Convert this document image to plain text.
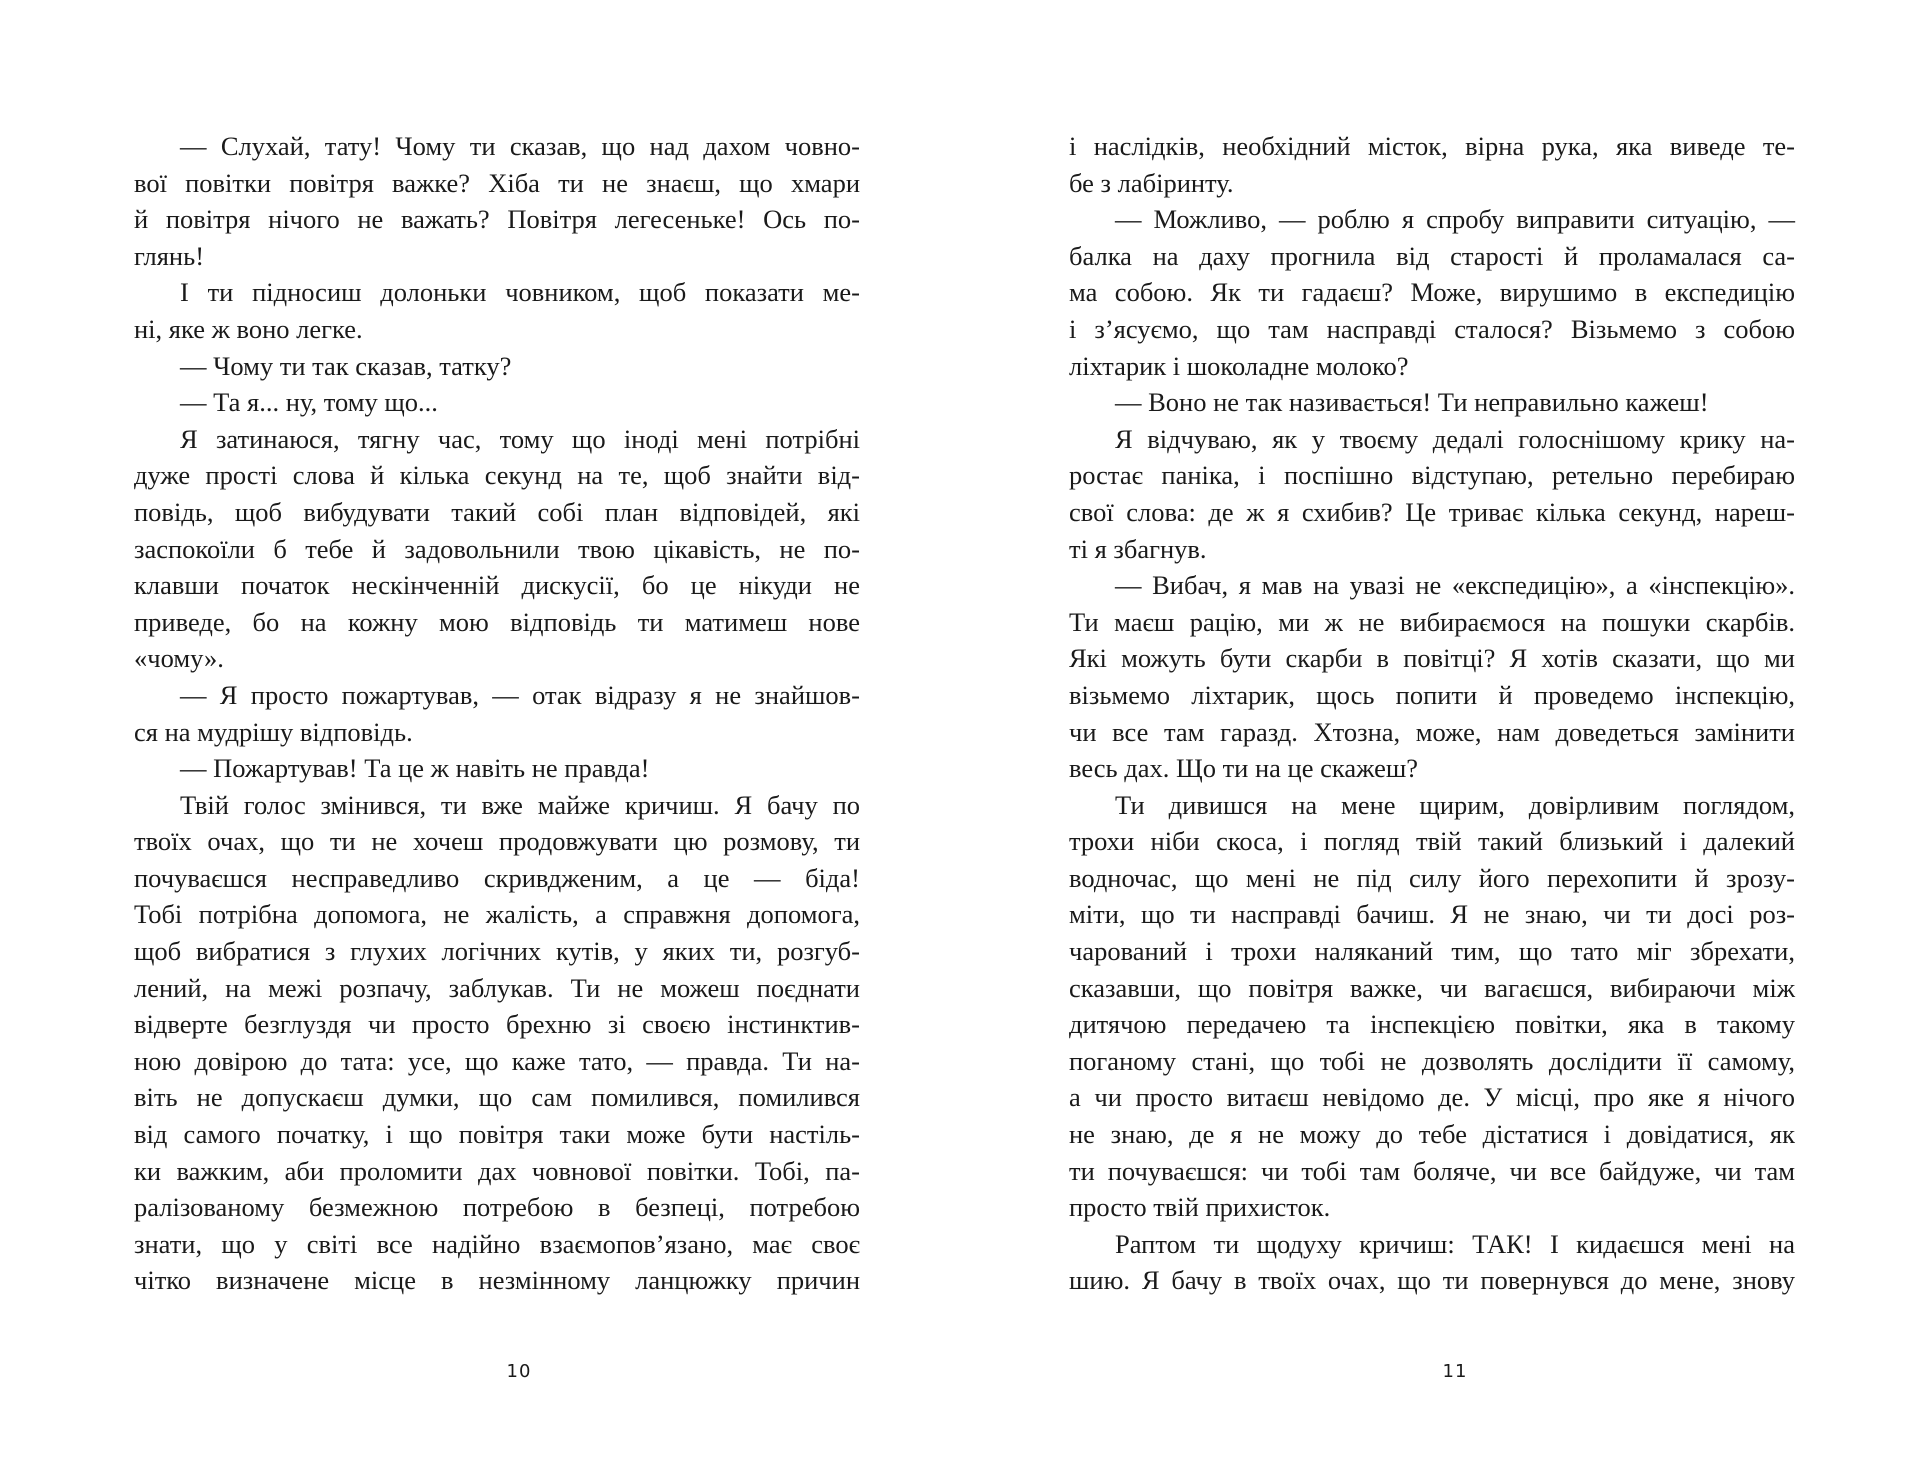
— Слухай, тату! Чому ти сказав, що над дахом човно-
вої повітки повітря важке? Хіба ти не знаєш, що хмари
й повітря нічого не важать? Повітря легесеньке! Ось по-
глянь!
І ти підносиш долоньки човником, щоб показати ме-
ні, яке ж воно легке.
— Чому ти так сказав, татку?
— Та я... ну, тому що...
Я затинаюся, тягну час, тому що іноді мені потрібні
дуже прості слова й кілька секунд на те, щоб знайти від-
повідь, щоб вибудувати такий собі план відповідей, які
заспокоїли б тебе й задовольнили твою цікавість, не по-
клавши початок нескінченній дискусії, бо це нікуди не
приведе, бо на кожну мою відповідь ти матимеш нове
«чому».
— Я просто пожартував, — отак відразу я не знайшов-
ся на мудрішу відповідь.
— Пожартував! Та це ж навіть не правда!
Твій голос змінився, ти вже майже кричиш. Я бачу по
твоїх очах, що ти не хочеш продовжувати цю розмову, ти
почуваєшся несправедливо скривдженим, а це — біда!
Тобі потрібна допомога, не жалість, а справжня допомога,
щоб вибратися з глухих логічних кутів, у яких ти, розгуб-
лений, на межі розпачу, заблукав. Ти не можеш поєднати
відверте безглуздя чи просто брехню зі своєю інстинктив-
ною довірою до тата: усе, що каже тато, — правда. Ти на-
віть не допускаєш думки, що сам помилився, помилився
від самого початку, і що повітря таки може бути настіль-
ки важким, аби проломити дах човнової повітки. Тобі, па-
ралізованому безмежною потребою в безпеці, потребою
знати, що у світі все надійно взаємопов’язано, має своє
чітко визначене місце в незмінному ланцюжку причин
10
і наслідків, необхідний місток, вірна рука, яка виведе те-
бе з лабіринту.
— Можливо, — роблю я спробу виправити ситуацію, —
балка на даху прогнила від старості й проламалася са-
ма собою. Як ти гадаєш? Може, вирушимо в експедицію
і з’ясуємо, що там насправді сталося? Візьмемо з собою
ліхтарик і шоколадне молоко?
— Воно не так називається! Ти неправильно кажеш!
Я відчуваю, як у твоєму дедалі голоснішому крику на-
ростає паніка, і поспішно відступаю, ретельно перебираю
свої слова: де ж я схибив? Це триває кілька секунд, нареш-
ті я збагнув.
— Вибач, я мав на увазі не «експедицію», а «інспекцію».
Ти маєш рацію, ми ж не вибираємося на пошуки скарбів.
Які можуть бути скарби в повітці? Я хотів сказати, що ми
візьмемо ліхтарик, щось попити й проведемо інспекцію,
чи все там гаразд. Хтозна, може, нам доведеться замінити
весь дах. Що ти на це скажеш?
Ти дивишся на мене щирим, довірливим поглядом,
трохи ніби скоса, і погляд твій такий близький і далекий
водночас, що мені не під силу його перехопити й зрозу-
міти, що ти насправді бачиш. Я не знаю, чи ти досі роз-
чарований і трохи наляканий тим, що тато міг збрехати,
сказавши, що повітря важке, чи вагаєшся, вибираючи між
дитячою передачею та інспекцією повітки, яка в такому
поганому стані, що тобі не дозволять дослідити її самому,
а чи просто витаєш невідомо де. У місці, про яке я нічого
не знаю, де я не можу до тебе дістатися і довідатися, як
ти почуваєшся: чи тобі там боляче, чи все байдуже, чи там
просто твій прихисток.
Раптом ти щодуху кричиш: ТАК! І кидаєшся мені на
шию. Я бачу в твоїх очах, що ти повернувся до мене, знову
11
